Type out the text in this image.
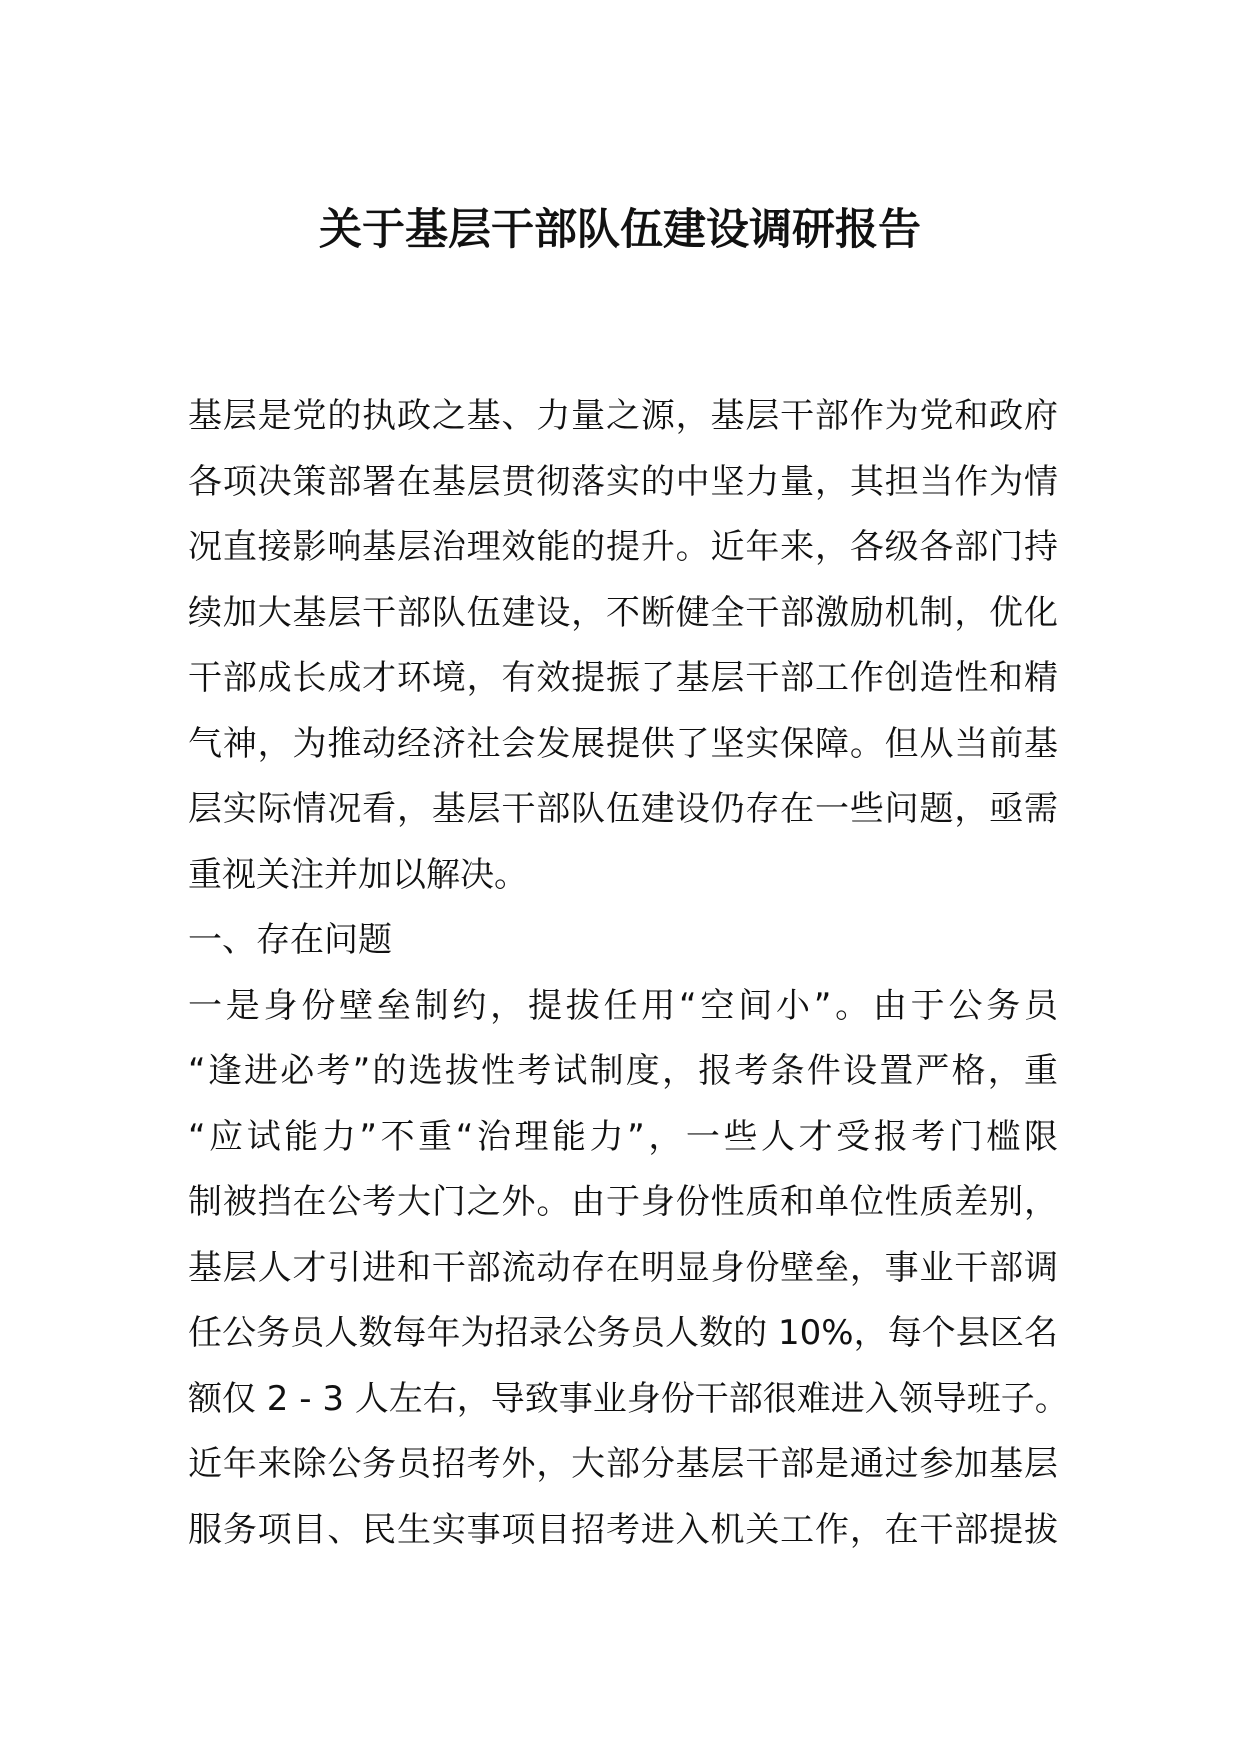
关于基层干部队伍建设调研报告
基层是党的执政之基、力量之源，基层干部作为党和政府
各项决策部署在基层贯彻落实的中坚力量，其担当作为情
况直接影响基层治理效能的提升。近年来，各级各部门持
续加大基层干部队伍建设，不断健全干部激励机制，优化
干部成长成才环境，有效提振了基层干部工作创造性和精
气神，为推动经济社会发展提供了坚实保障。但从当前基
层实际情况看，基层干部队伍建设仍存在一些问题，亟需
重视关注并加以解决。
一、存在问题
一是身份壁垒制约，提拔任用“空间小”。由于公务员
“逢进必考”的选拔性考试制度，报考条件设置严格，重
“应试能力”不重“治理能力”，一些人才受报考门槛限
制被挡在公考大门之外。由于身份性质和单位性质差别，
基层人才引进和干部流动存在明显身份壁垒，事业干部调
任公务员人数每年为招录公务员人数的 10%，每个县区名
额仅 2 - 3 人左右，导致事业身份干部很难进入领导班子。
近年来除公务员招考外，大部分基层干部是通过参加基层
服务项目、民生实事项目招考进入机关工作，在干部提拔
